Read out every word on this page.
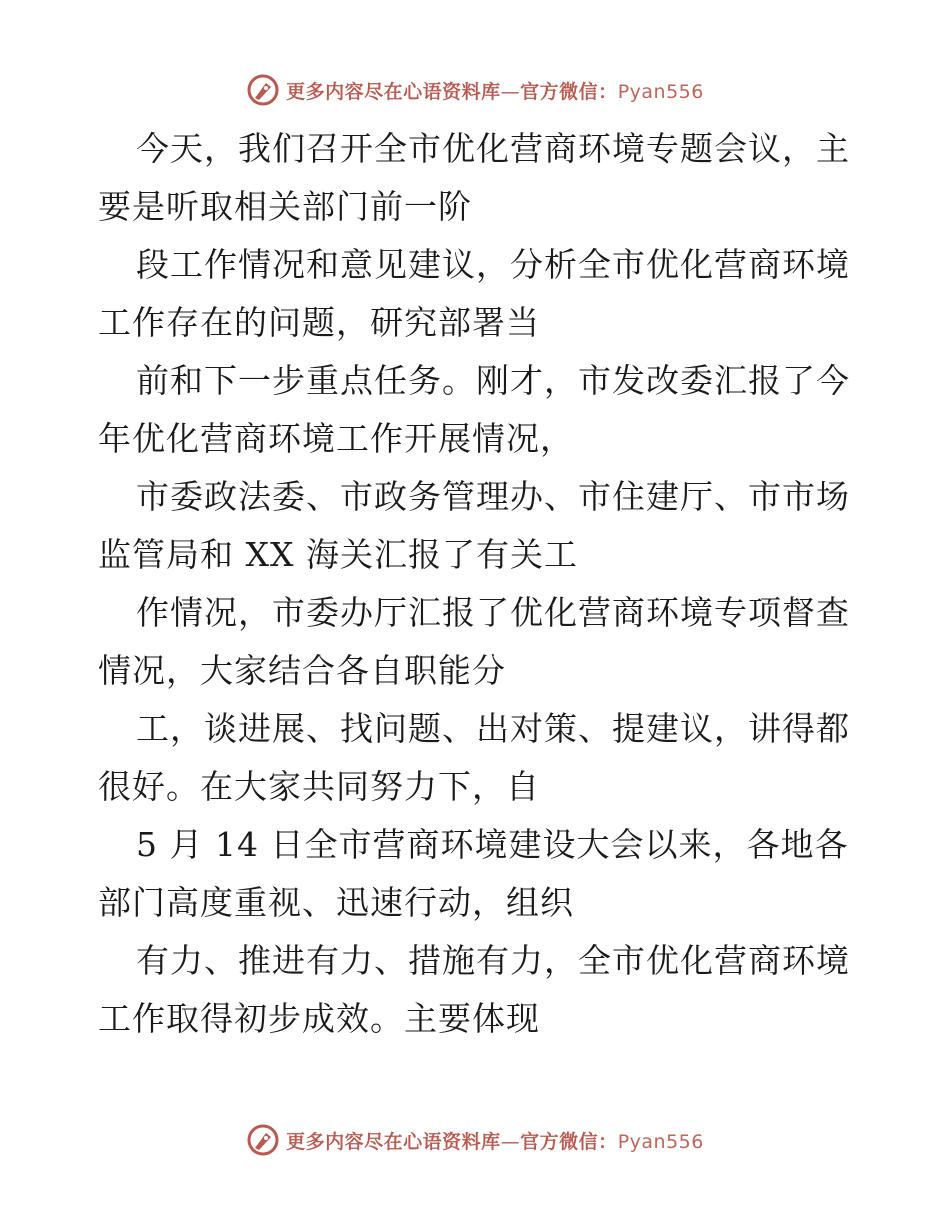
更多内容尽在心语资料库—官方微信：Pyan556
今天，我们召开全市优化营商环境专题会议，主
要是听取相关部门前一阶
段工作情况和意见建议，分析全市优化营商环境
工作存在的问题，研究部署当
前和下一步重点任务。刚才，市发改委汇报了今
年优化营商环境工作开展情况，
市委政法委、市政务管理办、市住建厅、市市场
监管局和 XX 海关汇报了有关工
作情况，市委办厅汇报了优化营商环境专项督查
情况，大家结合各自职能分
工，谈进展、找问题、出对策、提建议，讲得都
很好。在大家共同努力下，自
5 月 14 日全市营商环境建设大会以来，各地各
部门高度重视、迅速行动，组织
有力、推进有力、措施有力，全市优化营商环境
工作取得初步成效。主要体现
更多内容尽在心语资料库—官方微信：Pyan556
